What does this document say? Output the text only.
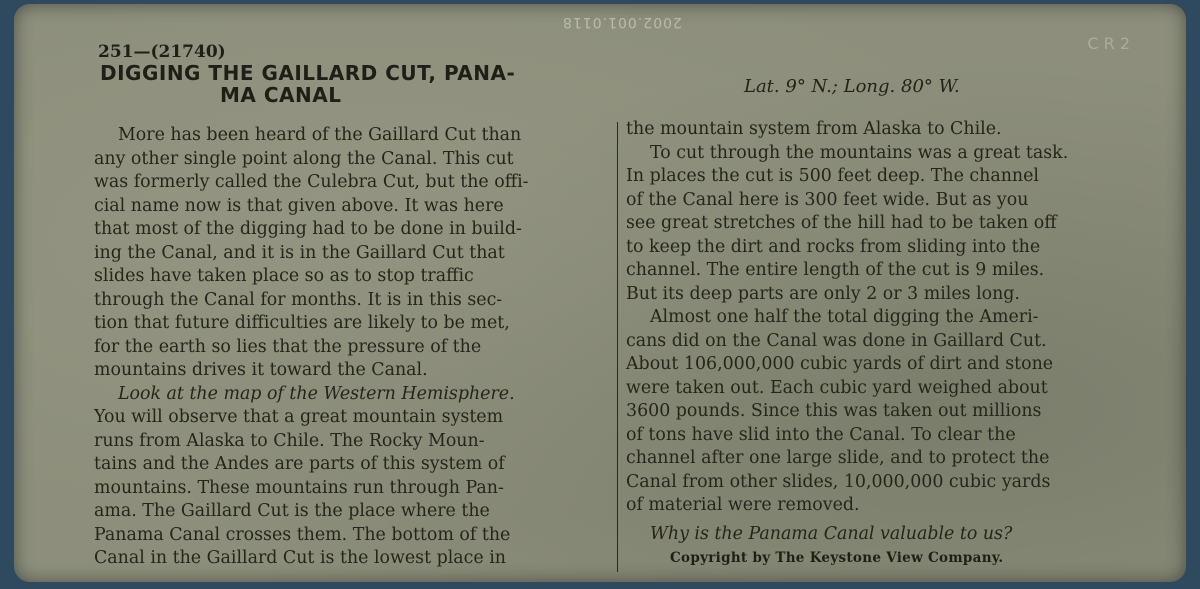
2002.001.0118
C R 2
251—(21740)
DIGGING THE GAILLARD CUT, PANA-
MA CANAL	Lat. 9° N.; Long. 80° W.

More has been heard of the Gaillard Cut than
any other single point along the Canal. This cut
was formerly called the Culebra Cut, but the offi-
cial name now is that given above. It was here
that most of the digging had to be done in build-
ing the Canal, and it is in the Gaillard Cut that
slides have taken place so as to stop traffic
through the Canal for months. It is in this sec-
tion that future difficulties are likely to be met,
for the earth so lies that the pressure of the
mountains drives it toward the Canal.
Look at the map of the Western Hemisphere.
You will observe that a great mountain system
runs from Alaska to Chile. The Rocky Moun-
tains and the Andes are parts of this system of
mountains. These mountains run through Pan-
ama. The Gaillard Cut is the place where the
Panama Canal crosses them. The bottom of the
Canal in the Gaillard Cut is the lowest place in

the mountain system from Alaska to Chile.
To cut through the mountains was a great task.
In places the cut is 500 feet deep. The channel
of the Canal here is 300 feet wide. But as you
see great stretches of the hill had to be taken off
to keep the dirt and rocks from sliding into the
channel. The entire length of the cut is 9 miles.
But its deep parts are only 2 or 3 miles long.
Almost one half the total digging the Ameri-
cans did on the Canal was done in Gaillard Cut.
About 106,000,000 cubic yards of dirt and stone
were taken out. Each cubic yard weighed about
3600 pounds. Since this was taken out millions
of tons have slid into the Canal. To clear the
channel after one large slide, and to protect the
Canal from other slides, 10,000,000 cubic yards
of material were removed.

Why is the Panama Canal valuable to us?
Copyright by The Keystone View Company.
